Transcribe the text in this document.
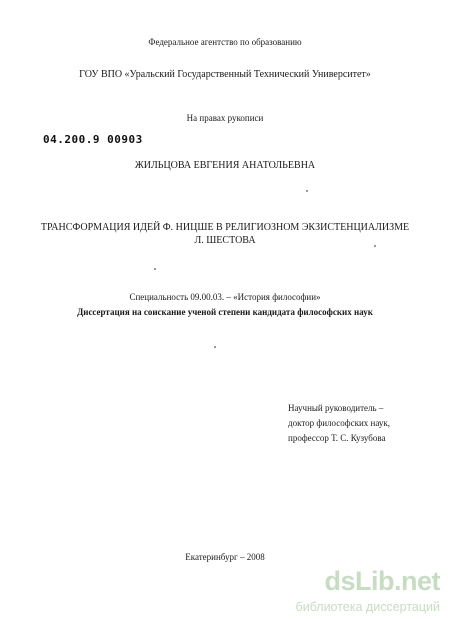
Федеральное агентство по образованию
ГОУ ВПО «Уральский Государственный Технический Университет»
На правах рукописи
04.200.9 00903
ЖИЛЬЦОВА ЕВГЕНИЯ АНАТОЛЬЕВНА
ТРАНСФОРМАЦИЯ ИДЕЙ Ф. НИЦШЕ В РЕЛИГИОЗНОМ ЭКЗИСТЕНЦИАЛИЗМЕ
Л. ШЕСТОВА
Специальность 09.00.03. – «История философии»
Диссертация на соискание ученой степени кандидата философских наук
Научный руководитель –
доктор философских наук,
профессор Т. С. Кузубова
Екатеринбург – 2008
dsLib.net
библиотека диссертаций
